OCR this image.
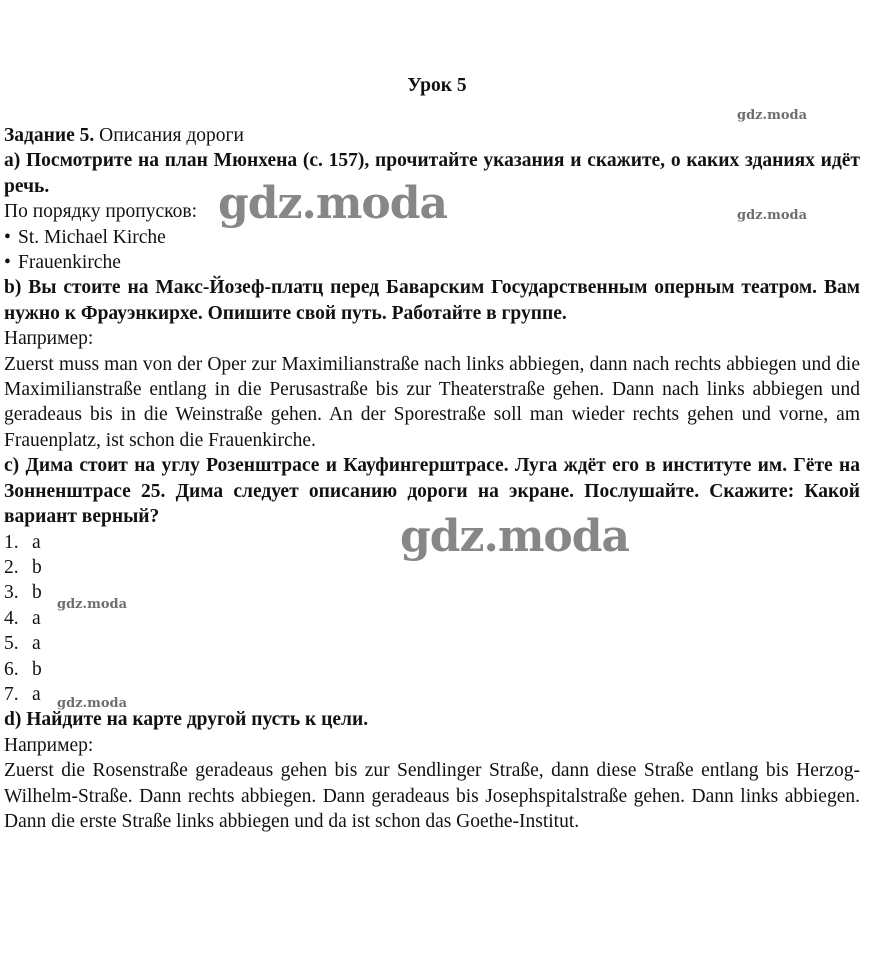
Урок 5
Задание 5. Описания дороги
a) Посмотрите на план Мюнхена (с. 157), прочитайте указания и скажите, о каких зданиях идёт речь.
По порядку пропусков:
• St. Michael Kirche
• Frauenkirche
b) Вы стоите на Макс-Йозеф-платц перед Баварским Государственным оперным театром. Вам нужно к Фрауэнкирхе. Опишите свой путь. Работайте в группе.
Например:
Zuerst muss man von der Oper zur Maximilianstraße nach links abbiegen, dann nach rechts abbiegen und die Maximilianstraße entlang in die Perusastraße bis zur Theaterstraße gehen. Dann nach links abbiegen und geradeaus bis in die Weinstraße gehen. An der Sporestraße soll man wieder rechts gehen und vorne, am Frauenplatz, ist schon die Frauenkirche.
c) Дима стоит на углу Розенштрасе и Кауфингерштрасе. Луга ждёт его в институте им. Гёте на Зонненштрасе 25. Дима следует описанию дороги на экране. Послушайте. Скажите: Какой вариант верный?
1. a
2. b
3. b
4. a
5. a
6. b
7. a
d) Найдите на карте другой пусть к цели.
Например:
Zuerst die Rosenstraße geradeaus gehen bis zur Sendlinger Straße, dann diese Straße entlang bis Herzog-Wilhelm-Straße. Dann rechts abbiegen. Dann geradeaus bis Josephspitalstraße gehen. Dann links abbiegen. Dann die erste Straße links abbiegen und da ist schon das Goethe-Institut.
gdz.moda
gdz.moda
gdz.moda
gdz.moda
gdz.moda
gdz.moda
